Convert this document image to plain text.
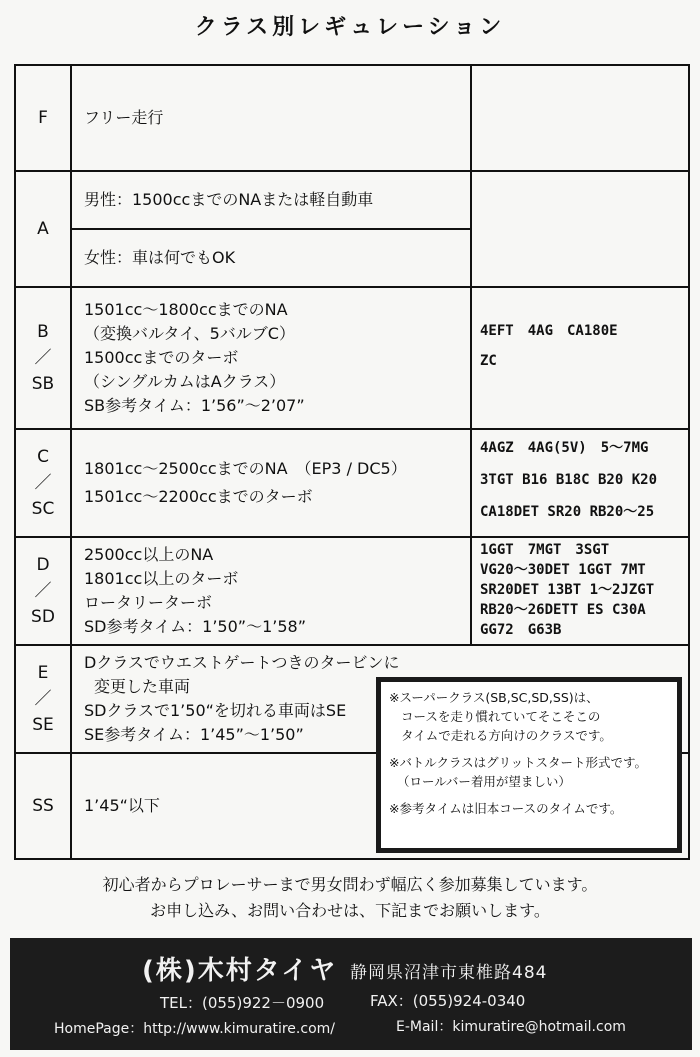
クラス別レギュレーション
F フリー走行
A
男性：1500ccまでのNAまたは軽自動車
女性：車は何でもOK
B
／
SB
1501cc〜1800ccまでのNA
（変換バルタイ、5バルブC）
1500ccまでのターボ
（シングルカムはAクラス）
SB参考タイム：1’56”〜2’07”
4EFT　4AG　CA180E
ZC
C
／
SC
1801cc〜2500ccまでのNA　（EP3 / DC5）
1501cc〜2200ccまでのターボ
4AGZ　4AG(5V)　5〜7MG
3TGT B16 B18C B20 K20
CA18DET SR20 RB20〜25
D
／
SD
2500cc以上のNA
1801cc以上のターボ
ロータリーターボ
SD参考タイム：1’50”〜1’58”
1GGT　7MGT　3SGT
VG20〜30DET 1GGT 7MT
SR20DET 13BT 1〜2JZGT
RB20〜26DETT ES C30A
GG72　G63B
E
／
SE
Dクラスでウエストゲートつきのタービンに
変更した車両
SDクラスで1’50“を切れる車両はSE
SE参考タイム：1’45”〜1’50”
SS 1’45“以下
※スーパークラス(SB,SC,SD,SS)は、
コースを走り慣れていてそこそこの
タイムで走れる方向けのクラスです。
※バトルクラスはグリットスタート形式です。
（ロールバー着用が望ましい）
※参考タイムは旧本コースのタイムです。
初心者からプロレーサーまで男女問わず幅広く参加募集しています。
お申し込み、お問い合わせは、下記までお願いします。
(株)木村タイヤ 静岡県沼津市東椎路484
TEL：(055)922－0900	FAX：(055)924-0340
HomePage：http://www.kimuratire.com/	E-Mail：kimuratire@hotmail.com
